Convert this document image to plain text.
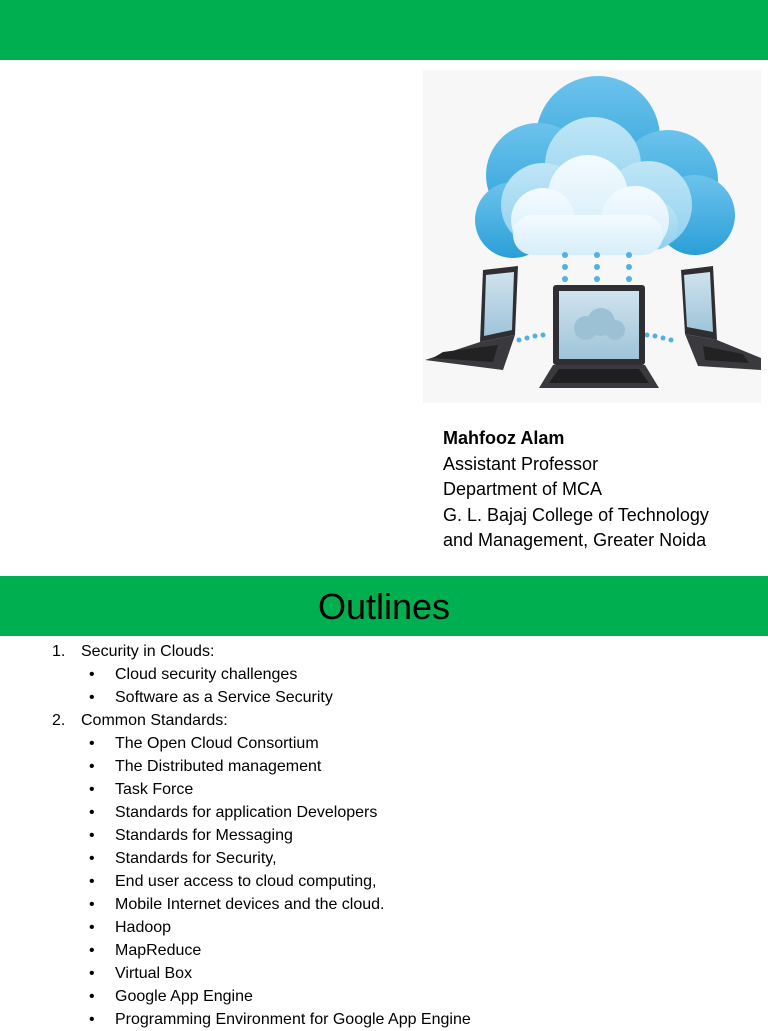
Mahfooz Alam
Assistant Professor
Department of MCA
G. L. Bajaj College of Technology
and Management, Greater Noida
Outlines
1. Security in Clouds:
• Cloud security challenges
• Software as a Service Security
2. Common Standards:
• The Open Cloud Consortium
• The Distributed management
• Task Force
• Standards for application Developers
• Standards for Messaging
• Standards for Security,
• End user access to cloud computing,
• Mobile Internet devices and the cloud.
• Hadoop
• MapReduce
• Virtual Box
• Google App Engine
• Programming Environment for Google App Engine
